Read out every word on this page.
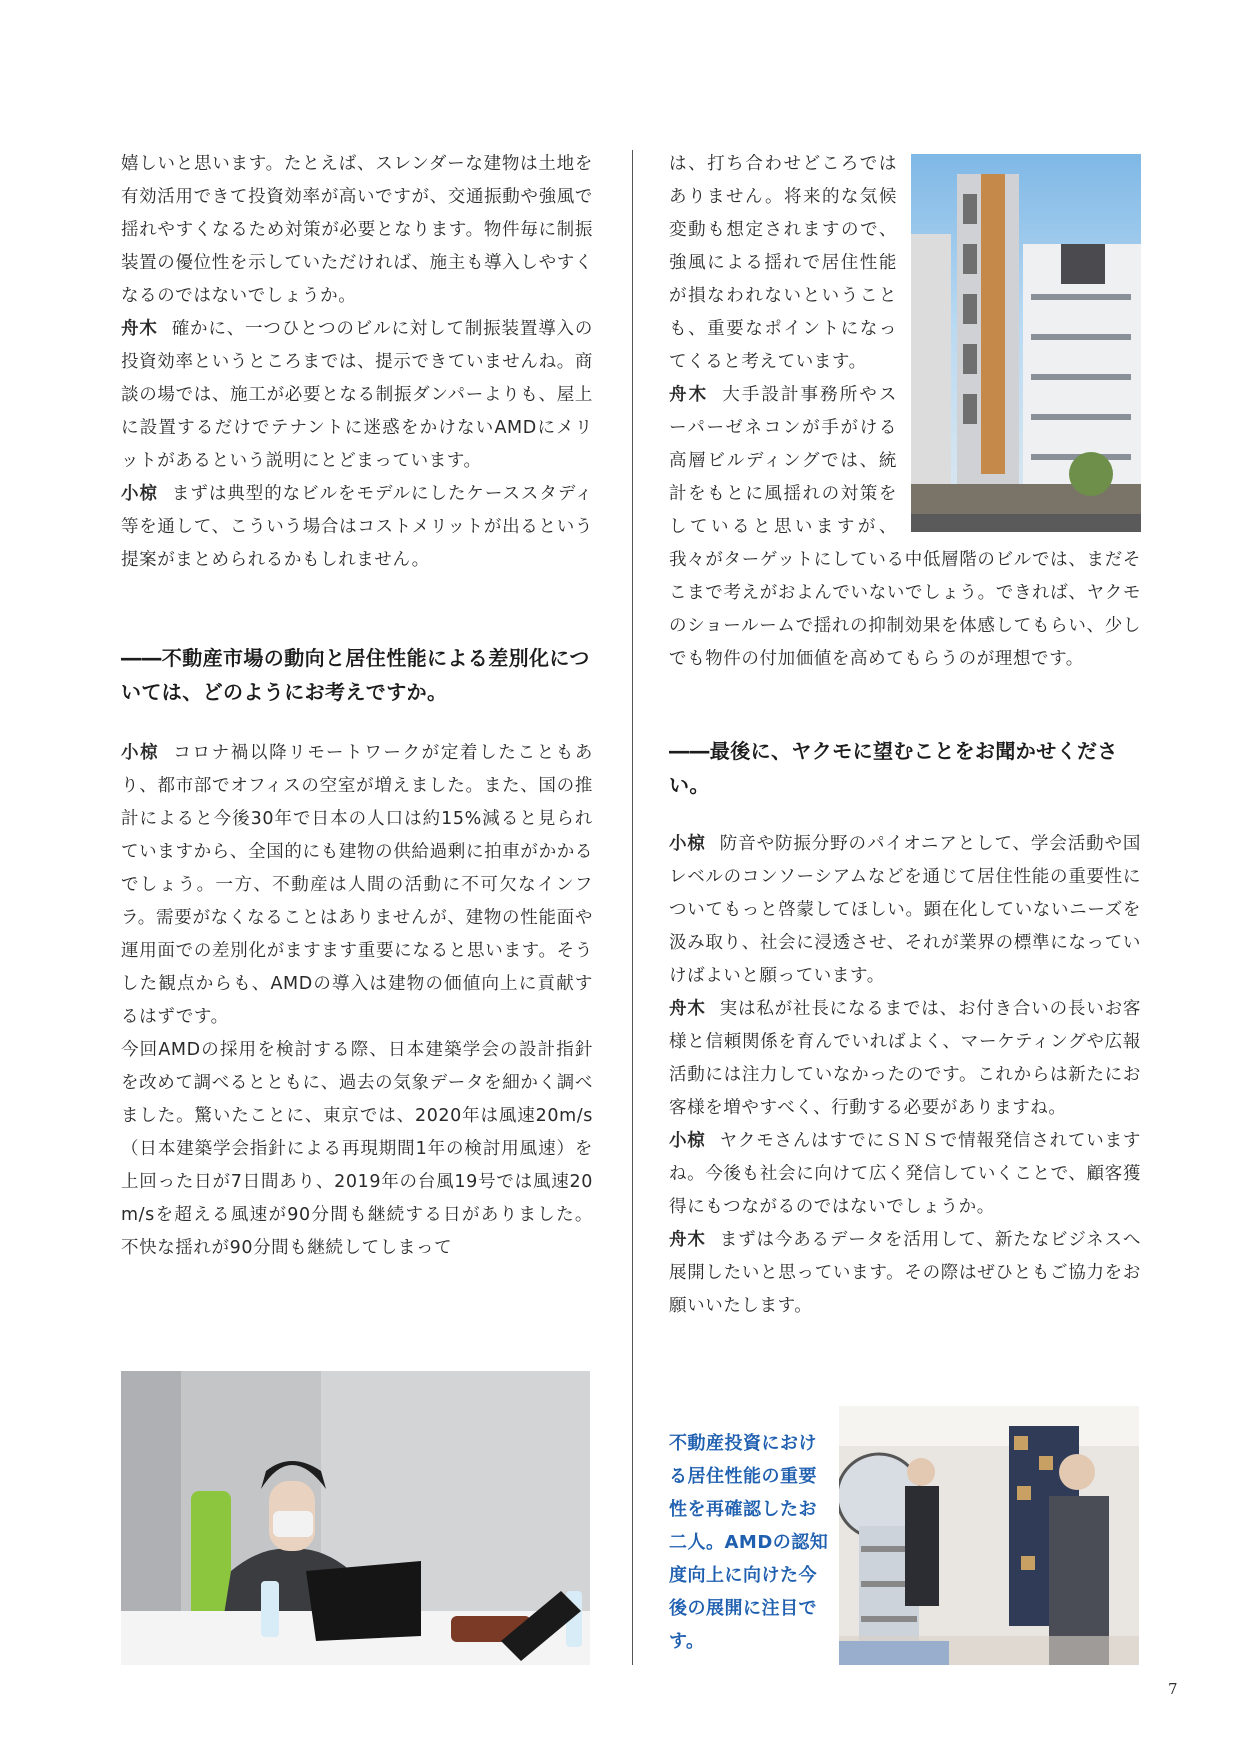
嬉しいと思います。たとえば、スレンダーな建物は土地を有効活用できて投資効率が高いですが、交通振動や強風で揺れやすくなるため対策が必要となります。物件毎に制振装置の優位性を示していただければ、施主も導入しやすくなるのではないでしょうか。

舟木 確かに、一つひとつのビルに対して制振装置導入の投資効率というところまでは、提示できていませんね。商談の場では、施工が必要となる制振ダンパーよりも、屋上に設置するだけでテナントに迷惑をかけないAMDにメリットがあるという説明にとどまっています。

小椋 まずは典型的なビルをモデルにしたケーススタディ等を通して、こういう場合はコストメリットが出るという提案がまとめられるかもしれません。

――不動産市場の動向と居住性能による差別化については、どのようにお考えですか。

小椋 コロナ禍以降リモートワークが定着したこともあり、都市部でオフィスの空室が増えました。また、国の推計によると今後30年で日本の人口は約15%減ると見られていますから、全国的にも建物の供給過剰に拍車がかかるでしょう。一方、不動産は人間の活動に不可欠なインフラ。需要がなくなることはありませんが、建物の性能面や運用面での差別化がますます重要になると思います。そうした観点からも、AMDの導入は建物の価値向上に貢献するはずです。

今回AMDの採用を検討する際、日本建築学会の設計指針を改めて調べるとともに、過去の気象データを細かく調べました。驚いたことに、東京では、2020年は風速20m/s（日本建築学会指針による再現期間1年の検討用風速）を上回った日が7日間あり、2019年の台風19号では風速20m/sを超える風速が90分間も継続する日がありました。不快な揺れが90分間も継続してしまって

は、打ち合わせどころではありません。将来的な気候変動も想定されますので、強風による揺れで居住性能が損なわれないということも、重要なポイントになってくると考えています。

舟木 大手設計事務所やスーパーゼネコンが手がける高層ビルディングでは、統計をもとに風揺れの対策をしていると思いますが、我々がターゲットにしている中低層階のビルでは、まだそこまで考えがおよんでいないでしょう。できれば、ヤクモのショールームで揺れの抑制効果を体感してもらい、少しでも物件の付加価値を高めてもらうのが理想です。

――最後に、ヤクモに望むことをお聞かせください。

小椋 防音や防振分野のパイオニアとして、学会活動や国レベルのコンソーシアムなどを通じて居住性能の重要性についてもっと啓蒙してほしい。顕在化していないニーズを汲み取り、社会に浸透させ、それが業界の標準になっていけばよいと願っています。

舟木 実は私が社長になるまでは、お付き合いの長いお客様と信頼関係を育んでいればよく、マーケティングや広報活動には注力していなかったのです。これからは新たにお客様を増やすべく、行動する必要がありますね。

小椋 ヤクモさんはすでにＳＮＳで情報発信されていますね。今後も社会に向けて広く発信していくことで、顧客獲得にもつながるのではないでしょうか。

舟木 まずは今あるデータを活用して、新たなビジネスへ展開したいと思っています。その際はぜひともご協力をお願いいたします。

不動産投資における居住性能の重要性を再確認したお二人。AMDの認知度向上に向けた今後の展開に注目です。
7
